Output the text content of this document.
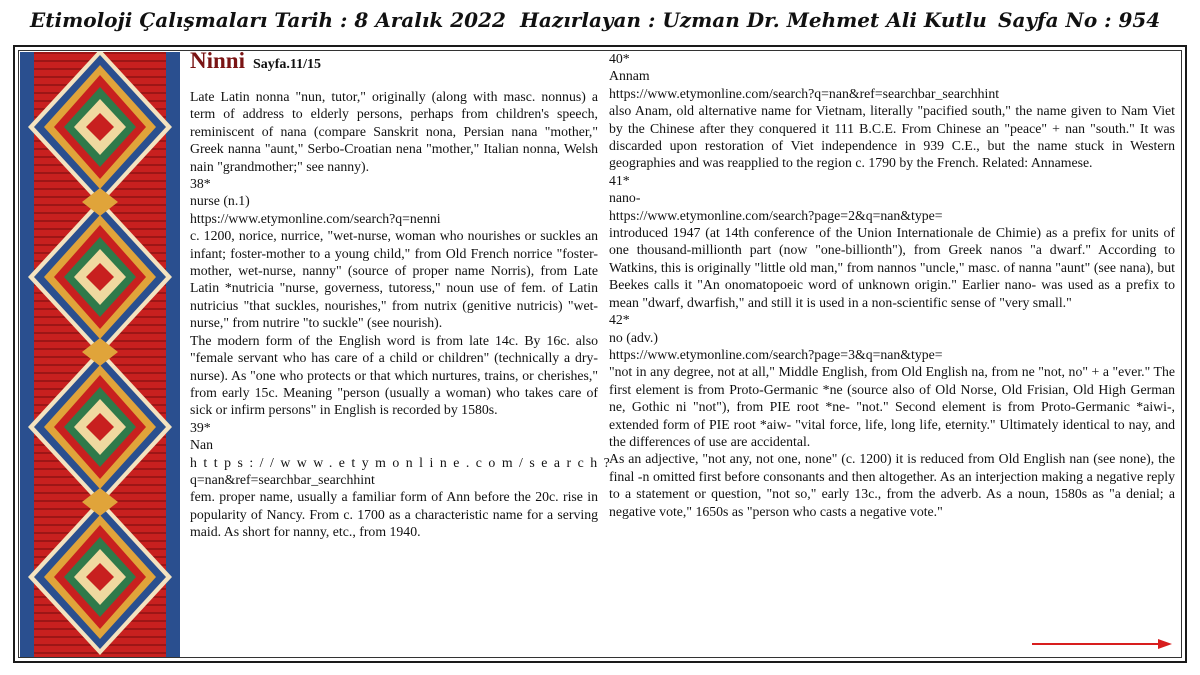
Etimoloji Çalışmaları Tarih : 8 Aralık 2022 Hazırlayan : Uzman Dr. Mehmet Ali Kutlu Sayfa No : 954
Ninni Sayfa.11/15

Late Latin nonna "nun, tutor," originally (along with masc. nonnus) a term of address to elderly persons, perhaps from children's speech, reminiscent of nana (compare Sanskrit nona, Persian nana "mother," Greek nanna "aunt," Serbo-Croatian nena "mother," Italian nonna, Welsh nain "grandmother;" see nanny).

38*

nurse (n.1)

https://www.etymonline.com/search?q=nenni

c. 1200, norice, nurrice, "wet-nurse, woman who nourishes or suckles an infant; foster-mother to a young child," from Old French norrice "foster-mother, wet-nurse, nanny" (source of proper name Norris), from Late Latin *nutricia "nurse, governess, tutoress," noun use of fem. of Latin nutricius "that suckles, nourishes," from nutrix (genitive nutricis) "wet-nurse," from nutrire "to suckle" (see nourish).

The modern form of the English word is from late 14c. By 16c. also "female servant who has care of a child or children" (technically a dry-nurse). As "one who protects or that which nurtures, trains, or cherishes," from early 15c. Meaning "person (usually a woman) who takes care of sick or infirm persons" in English is recorded by 1580s.

39*

Nan

https://www.etymonline.com/search?

q=nan&ref=searchbar_searchhint

fem. proper name, usually a familiar form of Ann before the 20c. rise in popularity of Nancy. From c. 1700 as a characteristic name for a serving maid. As short for nanny, etc., from 1940.

40*

Annam

https://www.etymonline.com/search?q=nan&ref=searchbar_searchhint

also Anam, old alternative name for Vietnam, literally "pacified south," the name given to Nam Viet by the Chinese after they conquered it 111 B.C.E. From Chinese an "peace" + nan "south." It was discarded upon restoration of Viet independence in 939 C.E., but the name stuck in Western geographies and was reapplied to the region c. 1790 by the French. Related: Annamese.

41*

nano-

https://www.etymonline.com/search?page=2&q=nan&type=

introduced 1947 (at 14th conference of the Union Internationale de Chimie) as a prefix for units of one thousand-millionth part (now "one-billionth"), from Greek nanos "a dwarf." According to Watkins, this is originally "little old man," from nannos "uncle," masc. of nanna "aunt" (see nana), but Beekes calls it "An onomatopoeic word of unknown origin." Earlier nano- was used as a prefix to mean "dwarf, dwarfish," and still it is used in a non-scientific sense of "very small."

42*

no (adv.)

https://www.etymonline.com/search?page=3&q=nan&type=

"not in any degree, not at all," Middle English, from Old English na, from ne "not, no" + a "ever." The first element is from Proto-Germanic *ne (source also of Old Norse, Old Frisian, Old High German ne, Gothic ni "not"), from PIE root *ne- "not." Second element is from Proto-Germanic *aiwi-, extended form of PIE root *aiw- "vital force, life, long life, eternity." Ultimately identical to nay, and the differences of use are accidental.

As an adjective, "not any, not one, none" (c. 1200) it is reduced from Old English nan (see none), the final -n omitted first before consonants and then altogether. As an interjection making a negative reply to a statement or question, "not so," early 13c., from the adverb. As a noun, 1580s as "a denial; a negative vote," 1650s as "person who casts a negative vote."
